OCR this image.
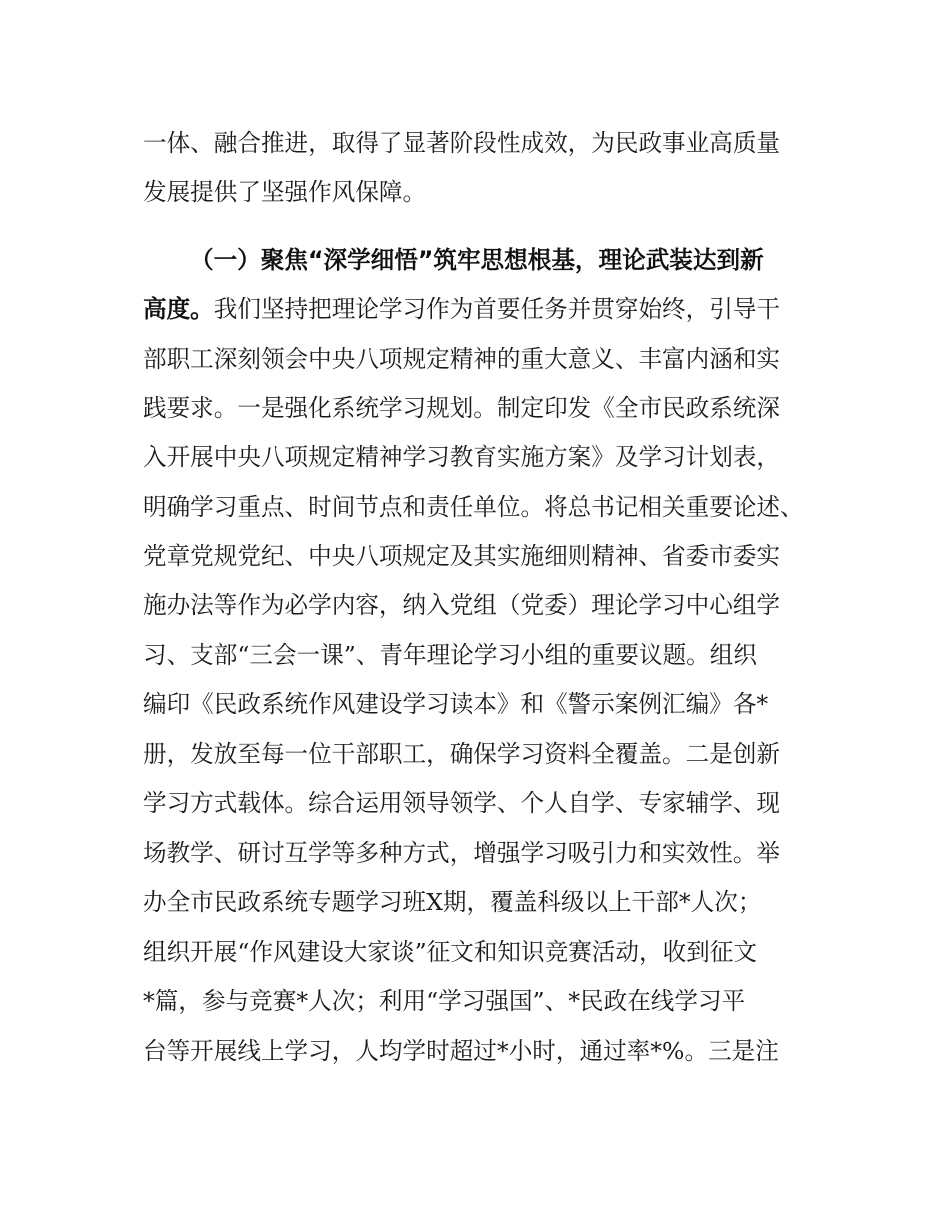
一体、融合推进，取得了显著阶段性成效，为民政事业高质量
发展提供了坚强作风保障。
（一）聚焦“深学细悟”筑牢思想根基，理论武装达到新
高度。我们坚持把理论学习作为首要任务并贯穿始终，引导干
部职工深刻领会中央八项规定精神的重大意义、丰富内涵和实
践要求。一是强化系统学习规划。制定印发《全市民政系统深
入开展中央八项规定精神学习教育实施方案》及学习计划表，
明确学习重点、时间节点和责任单位。将总书记相关重要论述、
党章党规党纪、中央八项规定及其实施细则精神、省委市委实
施办法等作为必学内容，纳入党组（党委）理论学习中心组学
习、支部“三会一课”、青年理论学习小组的重要议题。组织
编印《民政系统作风建设学习读本》和《警示案例汇编》各*
册，发放至每一位干部职工，确保学习资料全覆盖。二是创新
学习方式载体。综合运用领导领学、个人自学、专家辅学、现
场教学、研讨互学等多种方式，增强学习吸引力和实效性。举
办全市民政系统专题学习班X期，覆盖科级以上干部*人次；
组织开展“作风建设大家谈”征文和知识竞赛活动，收到征文
*篇，参与竞赛*人次；利用“学习强国”、*民政在线学习平
台等开展线上学习，人均学时超过*小时，通过率*%。三是注
